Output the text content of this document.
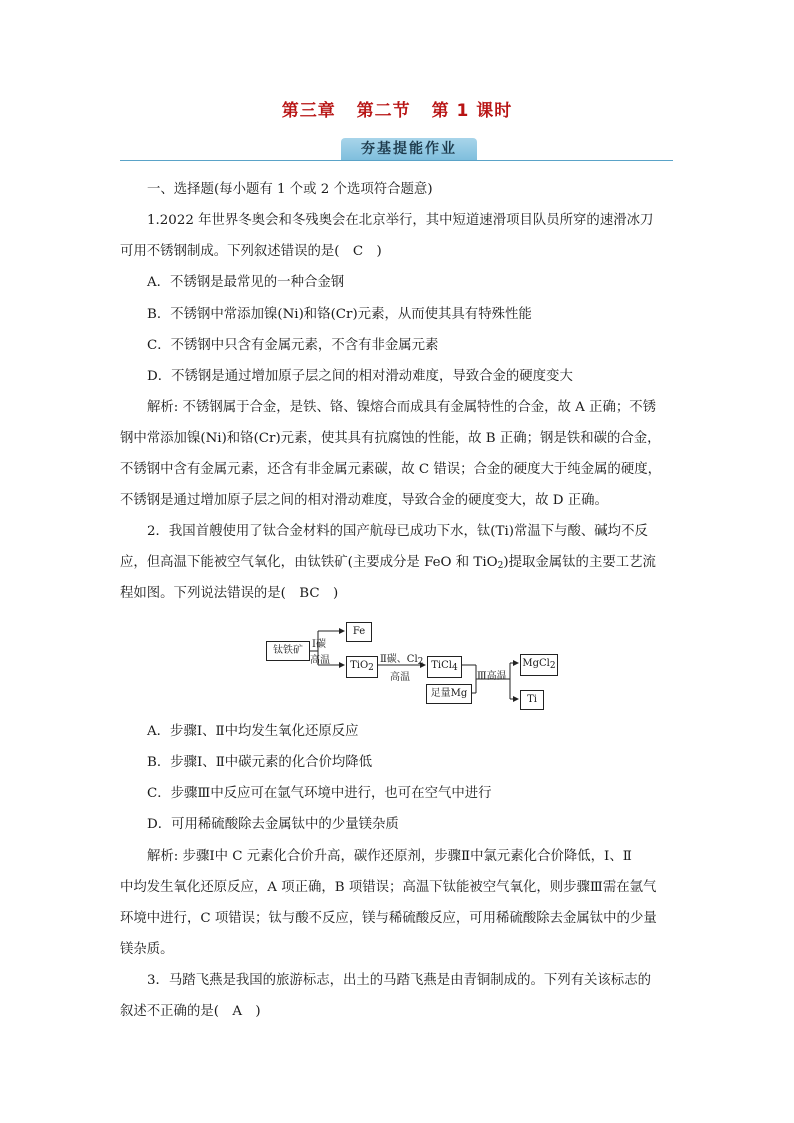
第三章 第二节 第 1 课时
夯基提能作业
一、选择题(每小题有 1 个或 2 个选项符合题意)
1.2022 年世界冬奥会和冬残奥会在北京举行，其中短道速滑项目队员所穿的速滑冰刀
可用不锈钢制成。下列叙述错误的是(　C　)
A．不锈钢是最常见的一种合金钢
B．不锈钢中常添加镍(Ni)和铬(Cr)元素，从而使其具有特殊性能
C．不锈钢中只含有金属元素，不含有非金属元素
D．不锈钢是通过增加原子层之间的相对滑动难度，导致合金的硬度变大
解析: 不锈钢属于合金，是铁、铬、镍熔合而成具有金属特性的合金，故 A 正确；不锈
钢中常添加镍(Ni)和铬(Cr)元素，使其具有抗腐蚀的性能，故 B 正确；钢是铁和碳的合金，
不锈钢中含有金属元素，还含有非金属元素碳，故 C 错误；合金的硬度大于纯金属的硬度，
不锈钢是通过增加原子层之间的相对滑动难度，导致合金的硬度变大，故 D 正确。
2．我国首艘使用了钛合金材料的国产航母已成功下水，钛(Ti)常温下与酸、碱均不反
应，但高温下能被空气氧化，由钛铁矿(主要成分是 FeO 和 TiO$_2$)提取金属钛的主要工艺流
程如图。下列说法错误的是(　BC　)
钛铁矿
Ⅰ碳
高温
Fe
TiO$_2$
Ⅱ碳、$Cl_2$
高温
TiCl$_4$
足量Mg
Ⅲ高温
MgCl$_2$
Ti
A．步骤Ⅰ、Ⅱ中均发生氧化还原反应
B．步骤Ⅰ、Ⅱ中碳元素的化合价均降低
C．步骤Ⅲ中反应可在氩气环境中进行，也可在空气中进行
D．可用稀硫酸除去金属钛中的少量镁杂质
解析: 步骤Ⅰ中 C 元素化合价升高，碳作还原剂，步骤Ⅱ中氯元素化合价降低，Ⅰ、Ⅱ
中均发生氧化还原反应，A 项正确，B 项错误；高温下钛能被空气氧化，则步骤Ⅲ需在氩气
环境中进行，C 项错误；钛与酸不反应，镁与稀硫酸反应，可用稀硫酸除去金属钛中的少量
镁杂质。
3．马踏飞燕是我国的旅游标志，出土的马踏飞燕是由青铜制成的。下列有关该标志的
叙述不正确的是(　A　)
